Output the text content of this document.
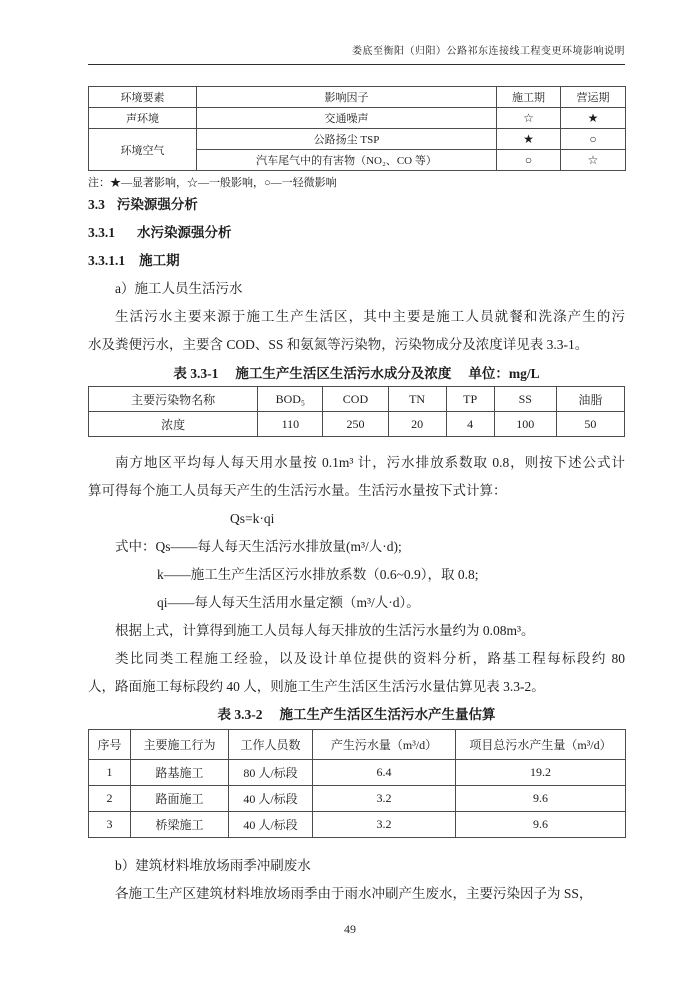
娄底至衡阳（归阳）公路祁东连接线工程变更环境影响说明
环境要素	影响因子	施工期	营运期
声环境	交通噪声	☆	★
环境空气	公路扬尘 TSP	★	○
	汽车尾气中的有害物（NO₂、CO 等）	○	☆
注：★—显著影响，☆—一般影响，○—一轻微影响
3.3 污染源强分析
3.3.1 水污染源强分析
3.3.1.1 施工期
a）施工人员生活污水
生活污水主要来源于施工生产生活区，其中主要是施工人员就餐和洗涤产生的污
水及粪便污水，主要含 COD、SS 和氨氮等污染物，污染物成分及浓度详见表 3.3-1。
表 3.3-1 施工生产生活区生活污水成分及浓度 单位：mg/L
主要污染物名称	BOD₅	COD	TN	TP	SS	油脂
浓度	110	250	20	4	100	50
南方地区平均每人每天用水量按 0.1m³ 计，污水排放系数取 0.8，则按下述公式计
算可得每个施工人员每天产生的生活污水量。生活污水量按下式计算：
Qs=k·qi
式中：Qs——每人每天生活污水排放量(m³/人·d);
k——施工生产生活区污水排放系数（0.6~0.9），取 0.8;
qi——每人每天生活用水量定额（m³/人·d）。
根据上式，计算得到施工人员每人每天排放的生活污水量约为 0.08m³。
类比同类工程施工经验，以及设计单位提供的资料分析，路基工程每标段约 80
人，路面施工每标段约 40 人，则施工生产生活区生活污水量估算见表 3.3-2。
表 3.3-2 施工生产生活区生活污水产生量估算
序号	主要施工行为	工作人员数	产生污水量（m³/d）	项目总污水产生量（m³/d）
1	路基施工	80 人/标段	6.4	19.2
2	路面施工	40 人/标段	3.2	9.6
3	桥梁施工	40 人/标段	3.2	9.6
b）建筑材料堆放场雨季冲刷废水
各施工生产区建筑材料堆放场雨季由于雨水冲刷产生废水，主要污染因子为 SS，
49
